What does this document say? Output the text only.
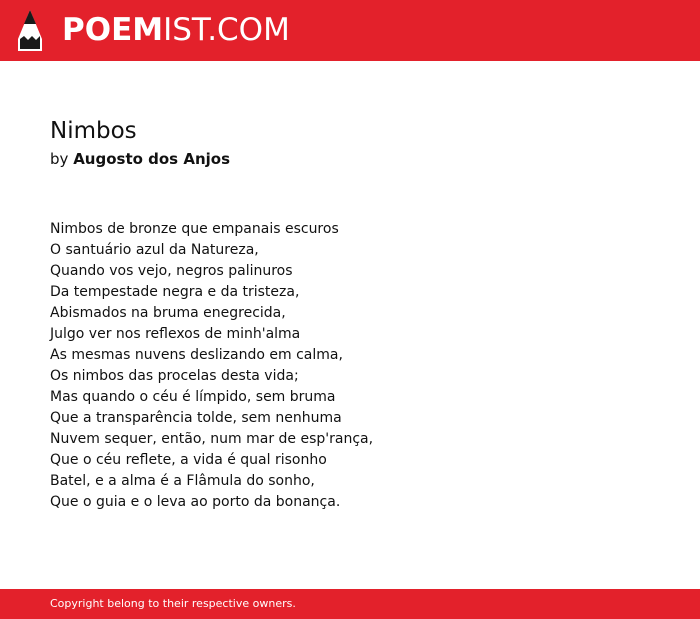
POEMIST.COM
Nimbos
by Augosto dos Anjos
Nimbos de bronze que empanais escuros
O santuário azul da Natureza,
Quando vos vejo, negros palinuros
Da tempestade negra e da tristeza,
Abismados na bruma enegrecida,
Julgo ver nos reflexos de minh'alma
As mesmas nuvens deslizando em calma,
Os nimbos das procelas desta vida;
Mas quando o céu é límpido, sem bruma
Que a transparência tolde, sem nenhuma
Nuvem sequer, então, num mar de esp'rança,
Que o céu reflete, a vida é qual risonho
Batel, e a alma é a Flâmula do sonho,
Que o guia e o leva ao porto da bonança.
Copyright belong to their respective owners.
